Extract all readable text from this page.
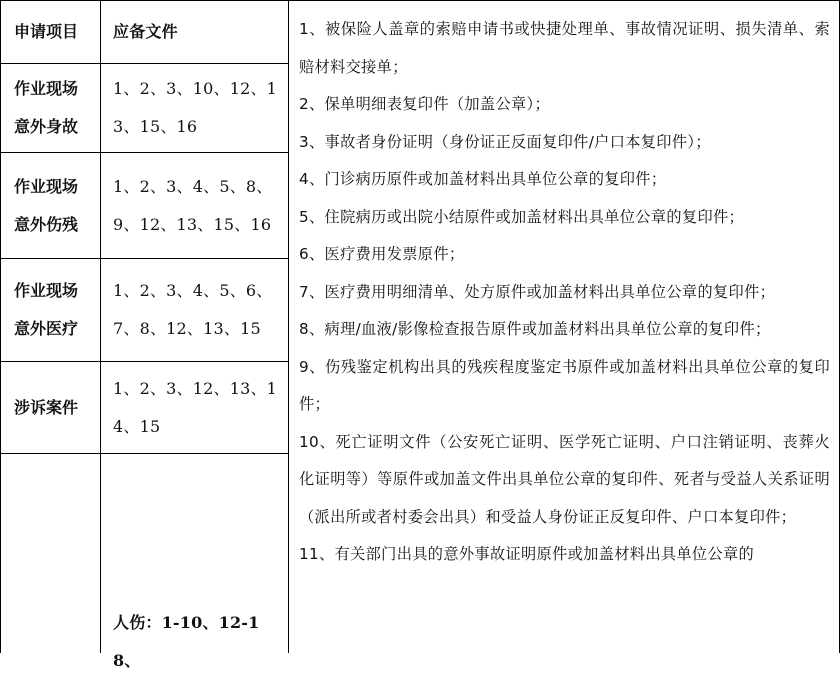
申请项目 应备文件
作业现场意外身故
1、2、3、10、12、13、15、16
作业现场意外伤残
1、2、3、4、5、8、9、12、13、15、16
作业现场意外医疗
1、2、3、4、5、6、7、8、12、13、15
涉诉案件
1、2、3、12、13、14、15
人伤：1-10、12-18、
1、被保险人盖章的索赔申请书或快捷处理单、事故情况证明、损失清单、索赔材料交接单；
2、保单明细表复印件（加盖公章）；
3、事故者身份证明（身份证正反面复印件/户口本复印件）；
4、门诊病历原件或加盖材料出具单位公章的复印件；
5、住院病历或出院小结原件或加盖材料出具单位公章的复印件；
6、医疗费用发票原件；
7、医疗费用明细清单、处方原件或加盖材料出具单位公章的复印件；
8、病理/血液/影像检查报告原件或加盖材料出具单位公章的复印件；
9、伤残鉴定机构出具的残疾程度鉴定书原件或加盖材料出具单位公章的复印件；
10、死亡证明文件（公安死亡证明、医学死亡证明、户口注销证明、丧葬火化证明等）等原件或加盖文件出具单位公章的复印件、死者与受益人关系证明（派出所或者村委会出具）和受益人身份证正反复印件、户口本复印件；
11、有关部门出具的意外事故证明原件或加盖材料出具单位公章的
